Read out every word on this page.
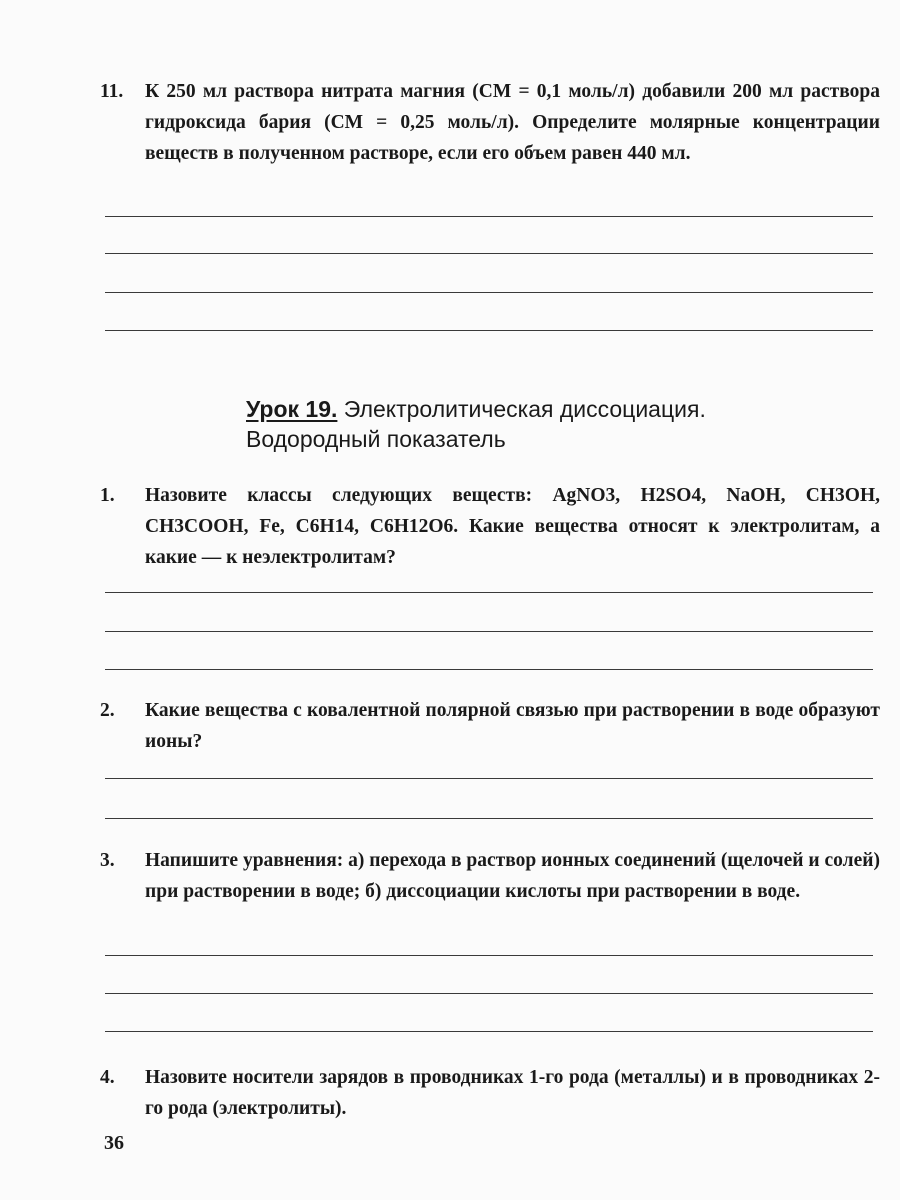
11. К 250 мл раствора нитрата магния (CM = 0,1 моль/л) добавили 200 мл раствора гидроксида бария (CM = 0,25 моль/л). Определите молярные концентрации веществ в полученном растворе, если его объем равен 440 мл.
Урок 19. Электролитическая диссоциация.
Водородный показатель
1. Назовите классы следующих веществ: AgNO3, H2SO4, NaOH, CH3OH, CH3COOH, Fe, C6H14, C6H12O6. Какие вещества относят к электролитам, а какие — к неэлектролитам?
2. Какие вещества с ковалентной полярной связью при растворении в воде образуют ионы?
3. Напишите уравнения: а) перехода в раствор ионных соединений (щелочей и солей) при растворении в воде; б) диссоциации кислоты при растворении в воде.
4. Назовите носители зарядов в проводниках 1-го рода (металлы) и в проводниках 2-го рода (электролиты).
36
